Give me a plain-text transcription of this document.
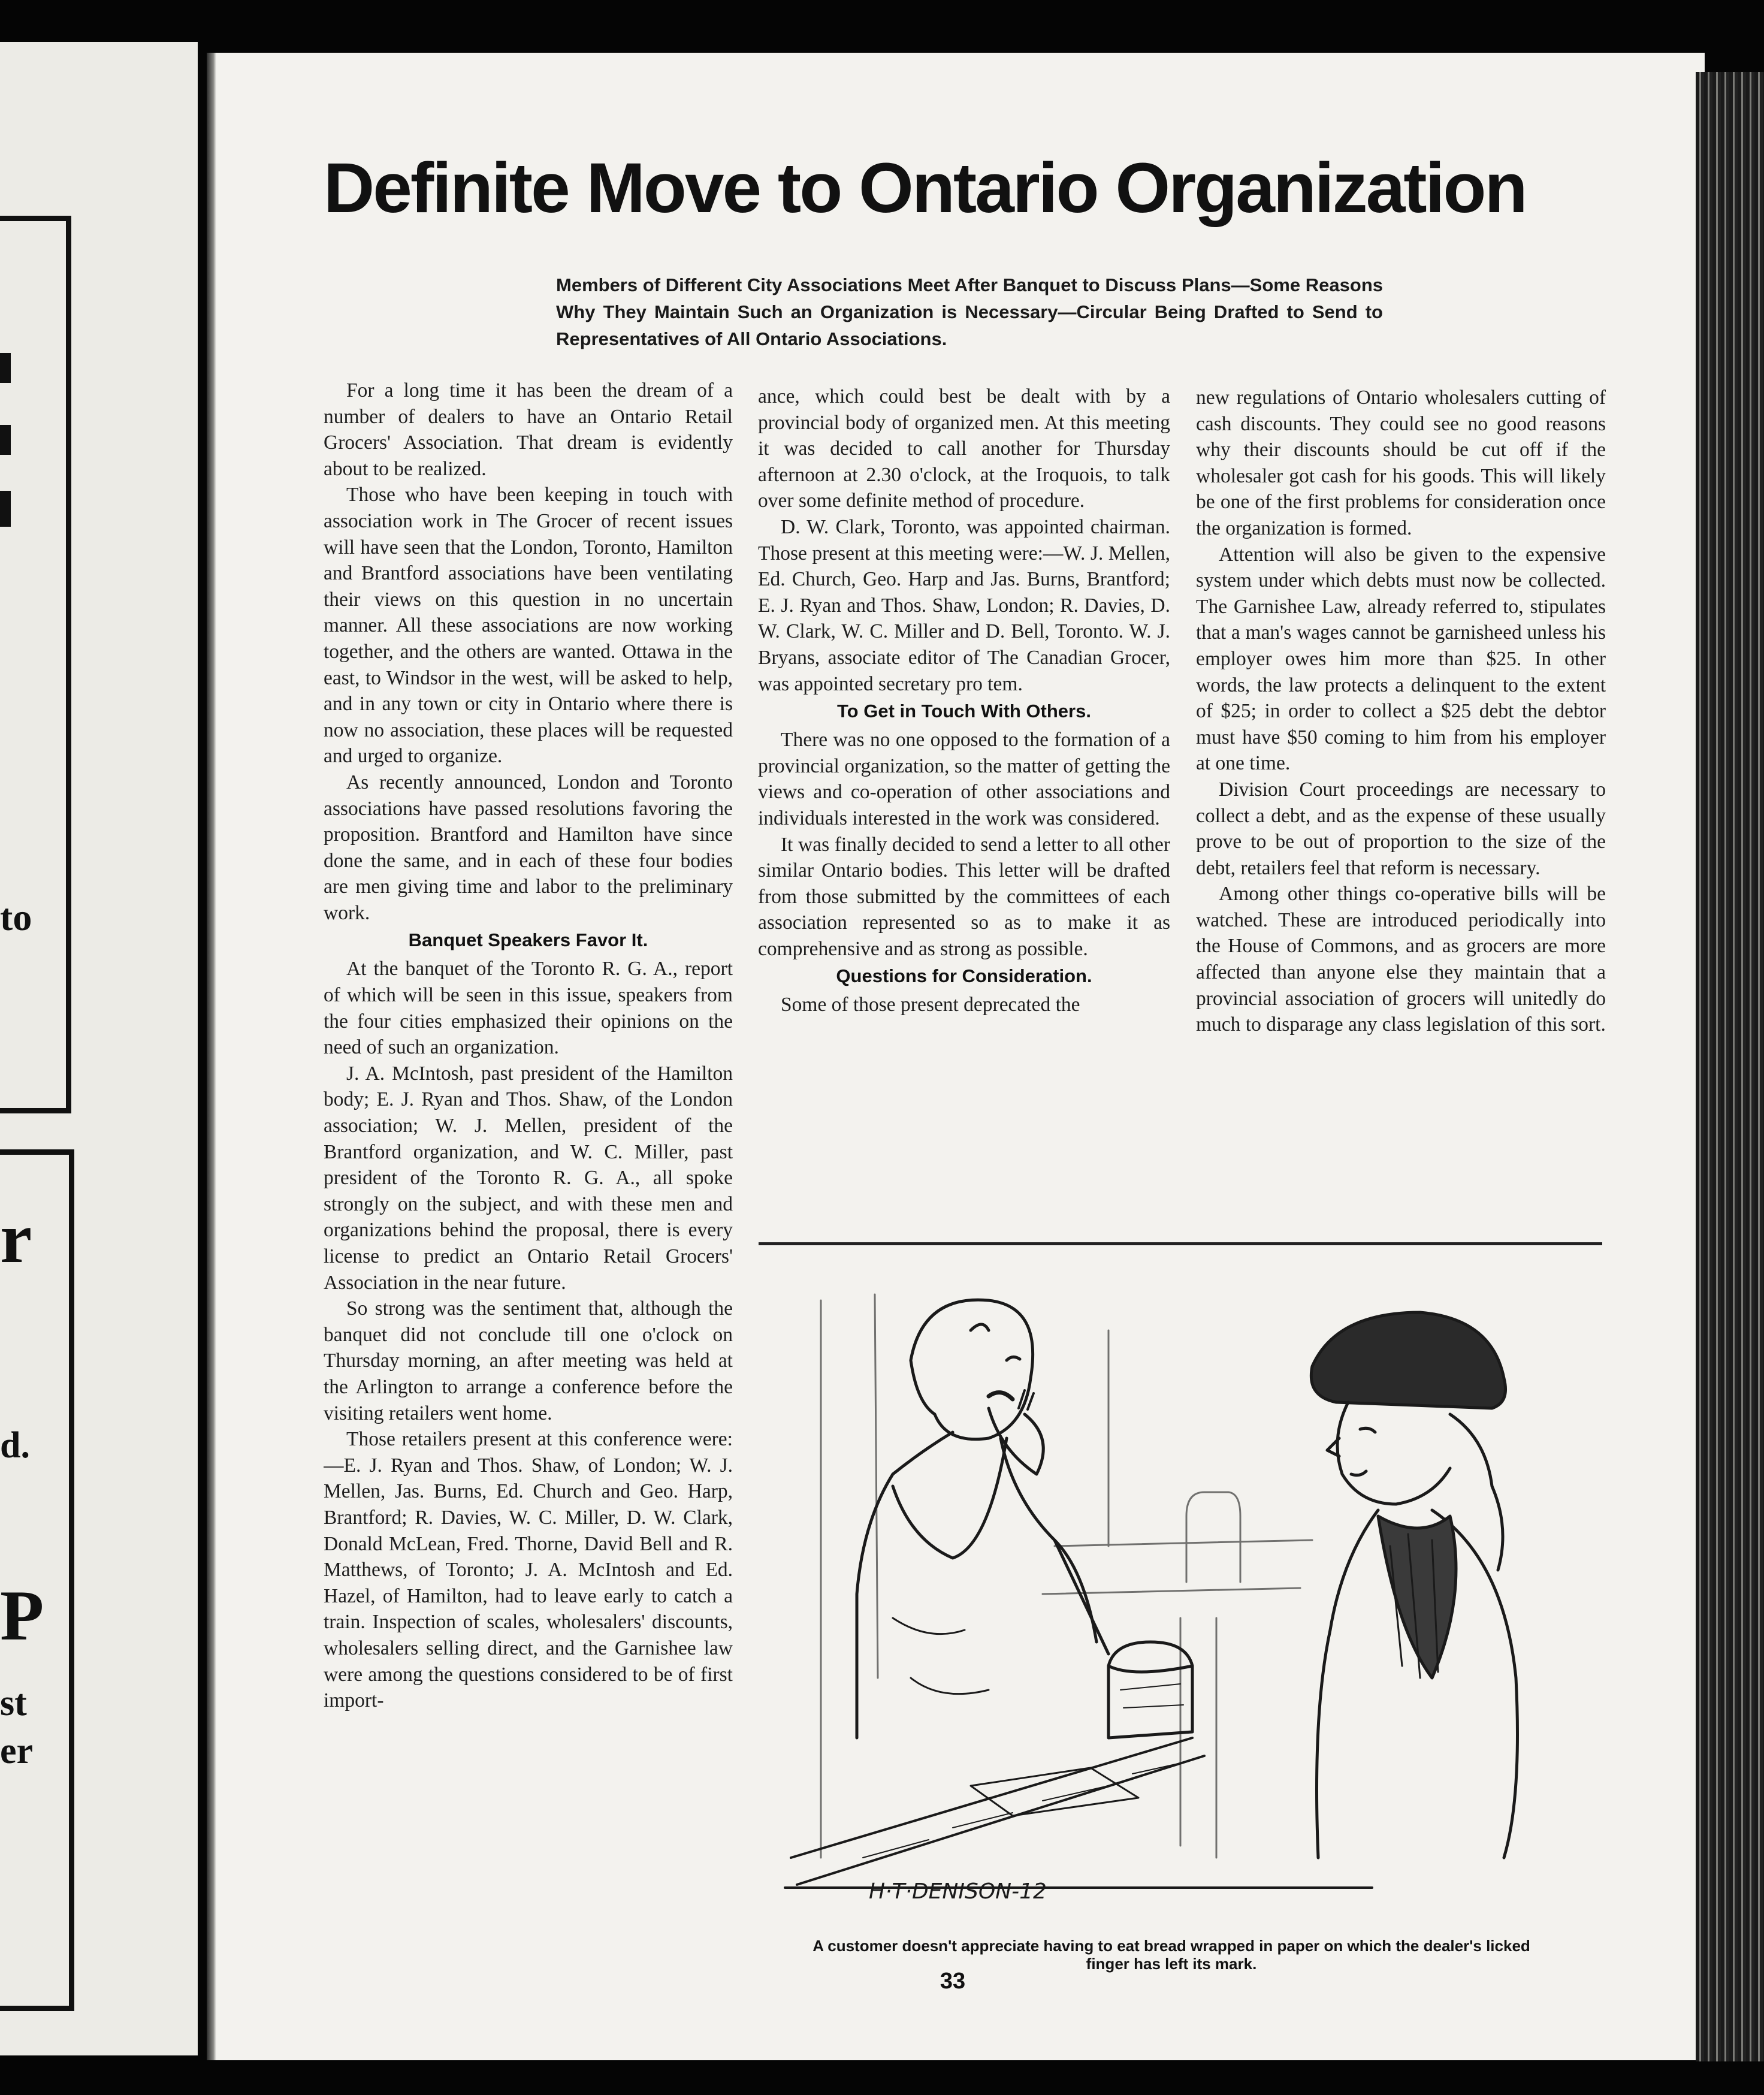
to
r
d.
P
st
er
Definite Move to Ontario Organization

Members of Different City Associations Meet After Banquet to Discuss Plans—Some Reasons Why They Maintain Such an Organization is Necessary—Circular Being Drafted to Send to Representatives of All Ontario Associations.

For a long time it has been the dream of a number of dealers to have an Ontario Retail Grocers' Association. That dream is evidently about to be realized.

Those who have been keeping in touch with association work in The Grocer of recent issues will have seen that the London, Toronto, Hamilton and Brantford associations have been ventilating their views on this question in no uncertain manner. All these associations are now working together, and the others are wanted. Ottawa in the east, to Windsor in the west, will be asked to help, and in any town or city in Ontario where there is now no association, these places will be requested and urged to organize.

As recently announced, London and Toronto associations have passed resolutions favoring the proposition. Brantford and Hamilton have since done the same, and in each of these four bodies are men giving time and labor to the preliminary work.

Banquet Speakers Favor It.

At the banquet of the Toronto R. G. A., report of which will be seen in this issue, speakers from the four cities emphasized their opinions on the need of such an organization.

J. A. McIntosh, past president of the Hamilton body; E. J. Ryan and Thos. Shaw, of the London association; W. J. Mellen, president of the Brantford organization, and W. C. Miller, past president of the Toronto R. G. A., all spoke strongly on the subject, and with these men and organizations behind the proposal, there is every license to predict an Ontario Retail Grocers' Association in the near future.

So strong was the sentiment that, although the banquet did not conclude till one o'clock on Thursday morning, an after meeting was held at the Arlington to arrange a conference before the visiting retailers went home.

Those retailers present at this conference were:—E. J. Ryan and Thos. Shaw, of London; W. J. Mellen, Jas. Burns, Ed. Church and Geo. Harp, Brantford; R. Davies, W. C. Miller, D. W. Clark, Donald McLean, Fred. Thorne, David Bell and R. Matthews, of Toronto; J. A. McIntosh and Ed. Hazel, of Hamilton, had to leave early to catch a train. Inspection of scales, wholesalers' discounts, wholesalers selling direct, and the Garnishee law were among the questions considered to be of first import-

ance, which could best be dealt with by a provincial body of organized men. At this meeting it was decided to call another for Thursday afternoon at 2.30 o'clock, at the Iroquois, to talk over some definite method of procedure.

D. W. Clark, Toronto, was appointed chairman. Those present at this meeting were:—W. J. Mellen, Ed. Church, Geo. Harp and Jas. Burns, Brantford; E. J. Ryan and Thos. Shaw, London; R. Davies, D. W. Clark, W. C. Miller and D. Bell, Toronto. W. J. Bryans, associate editor of The Canadian Grocer, was appointed secretary pro tem.

To Get in Touch With Others.

There was no one opposed to the formation of a provincial organization, so the matter of getting the views and co-operation of other associations and individuals interested in the work was considered.

It was finally decided to send a letter to all other similar Ontario bodies. This letter will be drafted from those submitted by the committees of each association represented so as to make it as comprehensive and as strong as possible.

Questions for Consideration.

Some of those present deprecated the

new regulations of Ontario wholesalers cutting of cash discounts. They could see no good reasons why their discounts should be cut off if the wholesaler got cash for his goods. This will likely be one of the first problems for consideration once the organization is formed.

Attention will also be given to the expensive system under which debts must now be collected. The Garnishee Law, already referred to, stipulates that a man's wages cannot be garnisheed unless his employer owes him more than $25. In other words, the law protects a delinquent to the extent of $25; in order to collect a $25 debt the debtor must have $50 coming to him from his employer at one time.

Division Court proceedings are necessary to collect a debt, and as the expense of these usually prove to be out of proportion to the size of the debt, retailers feel that reform is necessary.

Among other things co-operative bills will be watched. These are introduced periodically into the House of Commons, and as grocers are more affected than anyone else they maintain that a provincial association of grocers will unitedly do much to disparage any class legislation of this sort.

H·T·DENISON-12

A customer doesn't appreciate having to eat bread wrapped in paper on which the dealer's licked finger has left its mark.

33
